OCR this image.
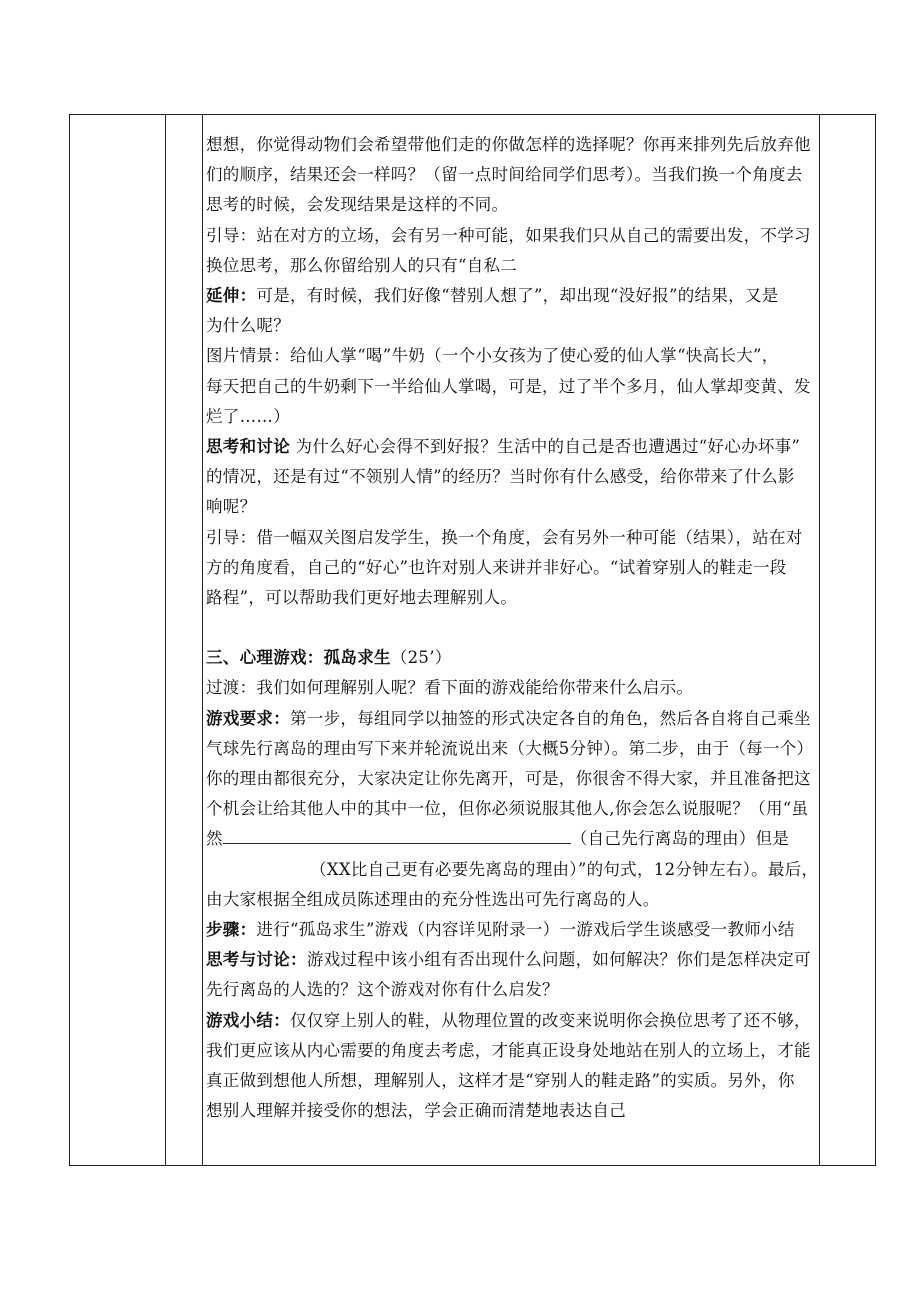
想想，你觉得动物们会希望带他们走的你做怎样的选择呢？你再来排列先后放弃他

们的顺序，结果还会一样吗？（留一点时间给同学们思考）。当我们换一个角度去

思考的时候，会发现结果是这样的不同。

引导：站在对方的立场，会有另一种可能，如果我们只从自己的需要出发，不学习

换位思考，那么你留给别人的只有“自私二

延伸：可是，有时候，我们好像“替别人想了”，却出现“没好报”的结果，又是

为什么呢？

图片情景：给仙人掌“喝”牛奶（一个小女孩为了使心爱的仙人掌“快高长大”，

每天把自己的牛奶剩下一半给仙人掌喝，可是，过了半个多月，仙人掌却变黄、发

烂了……）

思考和讨论 为什么好心会得不到好报？生活中的自己是否也遭遇过“好心办坏事”

的情况，还是有过“不领别人情”的经历？当时你有什么感受，给你带来了什么影

响呢？

引导：借一幅双关图启发学生，换一个角度，会有另外一种可能（结果），站在对

方的角度看，自己的“好心”也许对别人来讲并非好心。“试着穿别人的鞋走一段

路程”，可以帮助我们更好地去理解别人。

三、心理游戏：孤岛求生（25’）

过渡：我们如何理解别人呢？看下面的游戏能给你带来什么启示。

游戏要求：第一步，每组同学以抽签的形式决定各自的角色，然后各自将自己乘坐

气球先行离岛的理由写下来并轮流说出来（大概5分钟）。第二步，由于（每一个）

你的理由都很充分，大家决定让你先离开，可是，你很舍不得大家，并且准备把这

个机会让给其他人中的其中一位，但你必须说服其他人,你会怎么说服呢？（用“虽

然	（自己先行离岛的理由）但是

（XX比自己更有必要先离岛的理由）”的句式，12分钟左右）。最后，

由大家根据全组成员陈述理由的充分性选出可先行离岛的人。

步骤：进行“孤岛求生”游戏（内容详见附录一）一游戏后学生谈感受一教师小结

思考与讨论：游戏过程中该小组有否出现什么问题，如何解决？你们是怎样决定可

先行离岛的人选的？这个游戏对你有什么启发？

游戏小结：仅仅穿上别人的鞋，从物理位置的改变来说明你会换位思考了还不够，

我们更应该从内心需要的角度去考虑，才能真正设身处地站在别人的立场上，才能

真正做到想他人所想，理解别人，这样才是“穿别人的鞋走路”的实质。另外，你

想别人理解并接受你的想法，学会正确而清楚地表达自己
